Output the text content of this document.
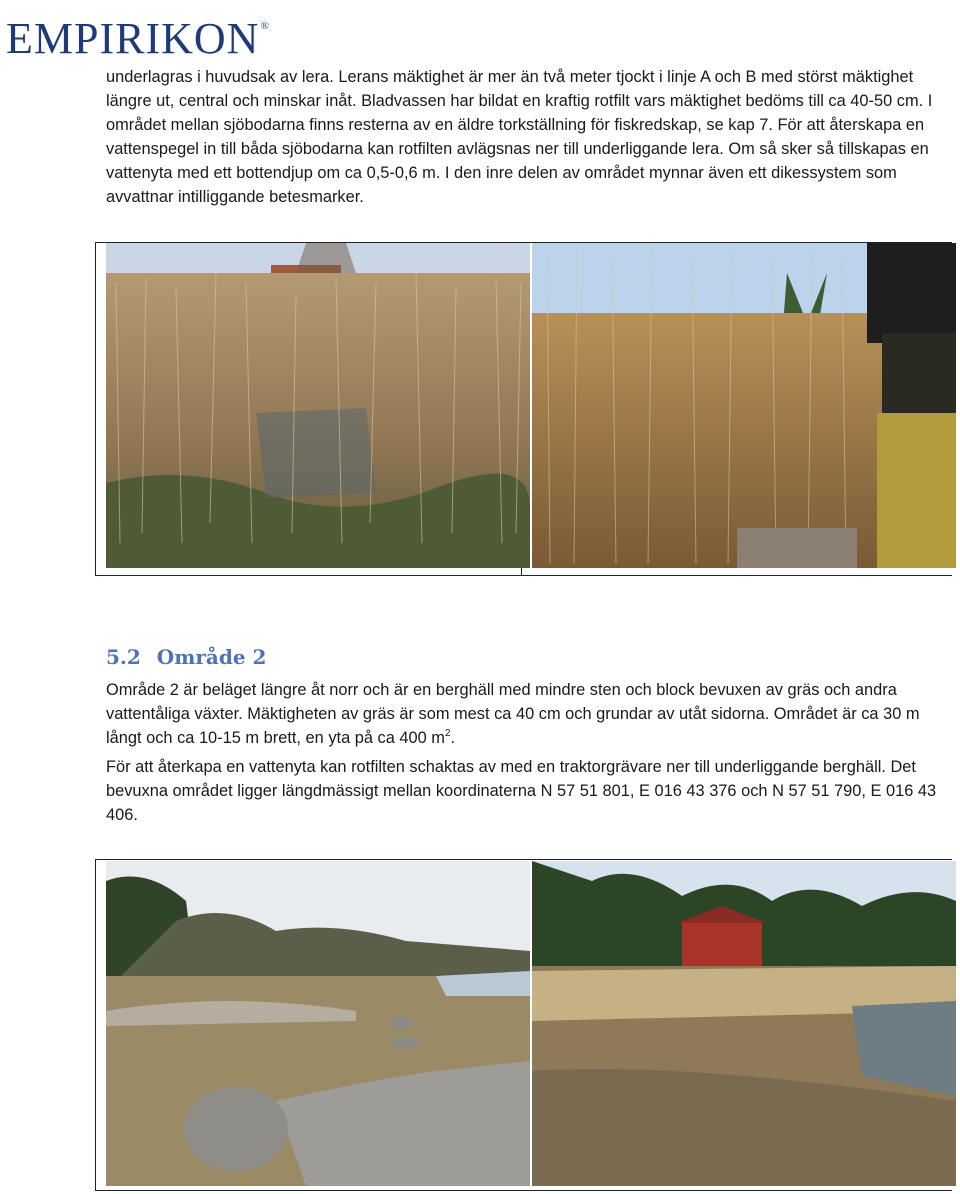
EMPIRIKON®

underlagras i huvudsak av lera. Lerans mäktighet är mer än två meter tjockt i linje A och B med störst mäktighet längre ut, central och minskar inåt. Bladvassen har bildat en kraftig rotfilt vars mäktighet bedöms till ca 40-50 cm. I området mellan sjöbodarna finns resterna av en äldre torkställning för fiskredskap, se kap 7. För att återskapa en vattenspegel in till båda sjöbodarna kan rotfilten avlägsnas ner till underliggande lera. Om så sker så tillskapas en vattenyta med ett bottendjup om ca 0,5-0,6 m. I den inre delen av området mynnar även ett dikessystem som avvattnar intilliggande betesmarker.

5.2 Område 2

Område 2 är beläget längre åt norr och är en berghäll med mindre sten och block bevuxen av gräs och andra vattentåliga växter. Mäktigheten av gräs är som mest ca 40 cm och grundar av utåt sidorna. Området är ca 30 m långt och ca 10-15 m brett, en yta på ca 400 $m^2$.

För att återkapa en vattenyta kan rotfilten schaktas av med en traktorgrävare ner till underliggande berghäll. Det bevuxna området ligger längdmässigt mellan koordinaterna N 57 51 801, E 016 43 376 och N 57 51 790, E 016 43 406.
